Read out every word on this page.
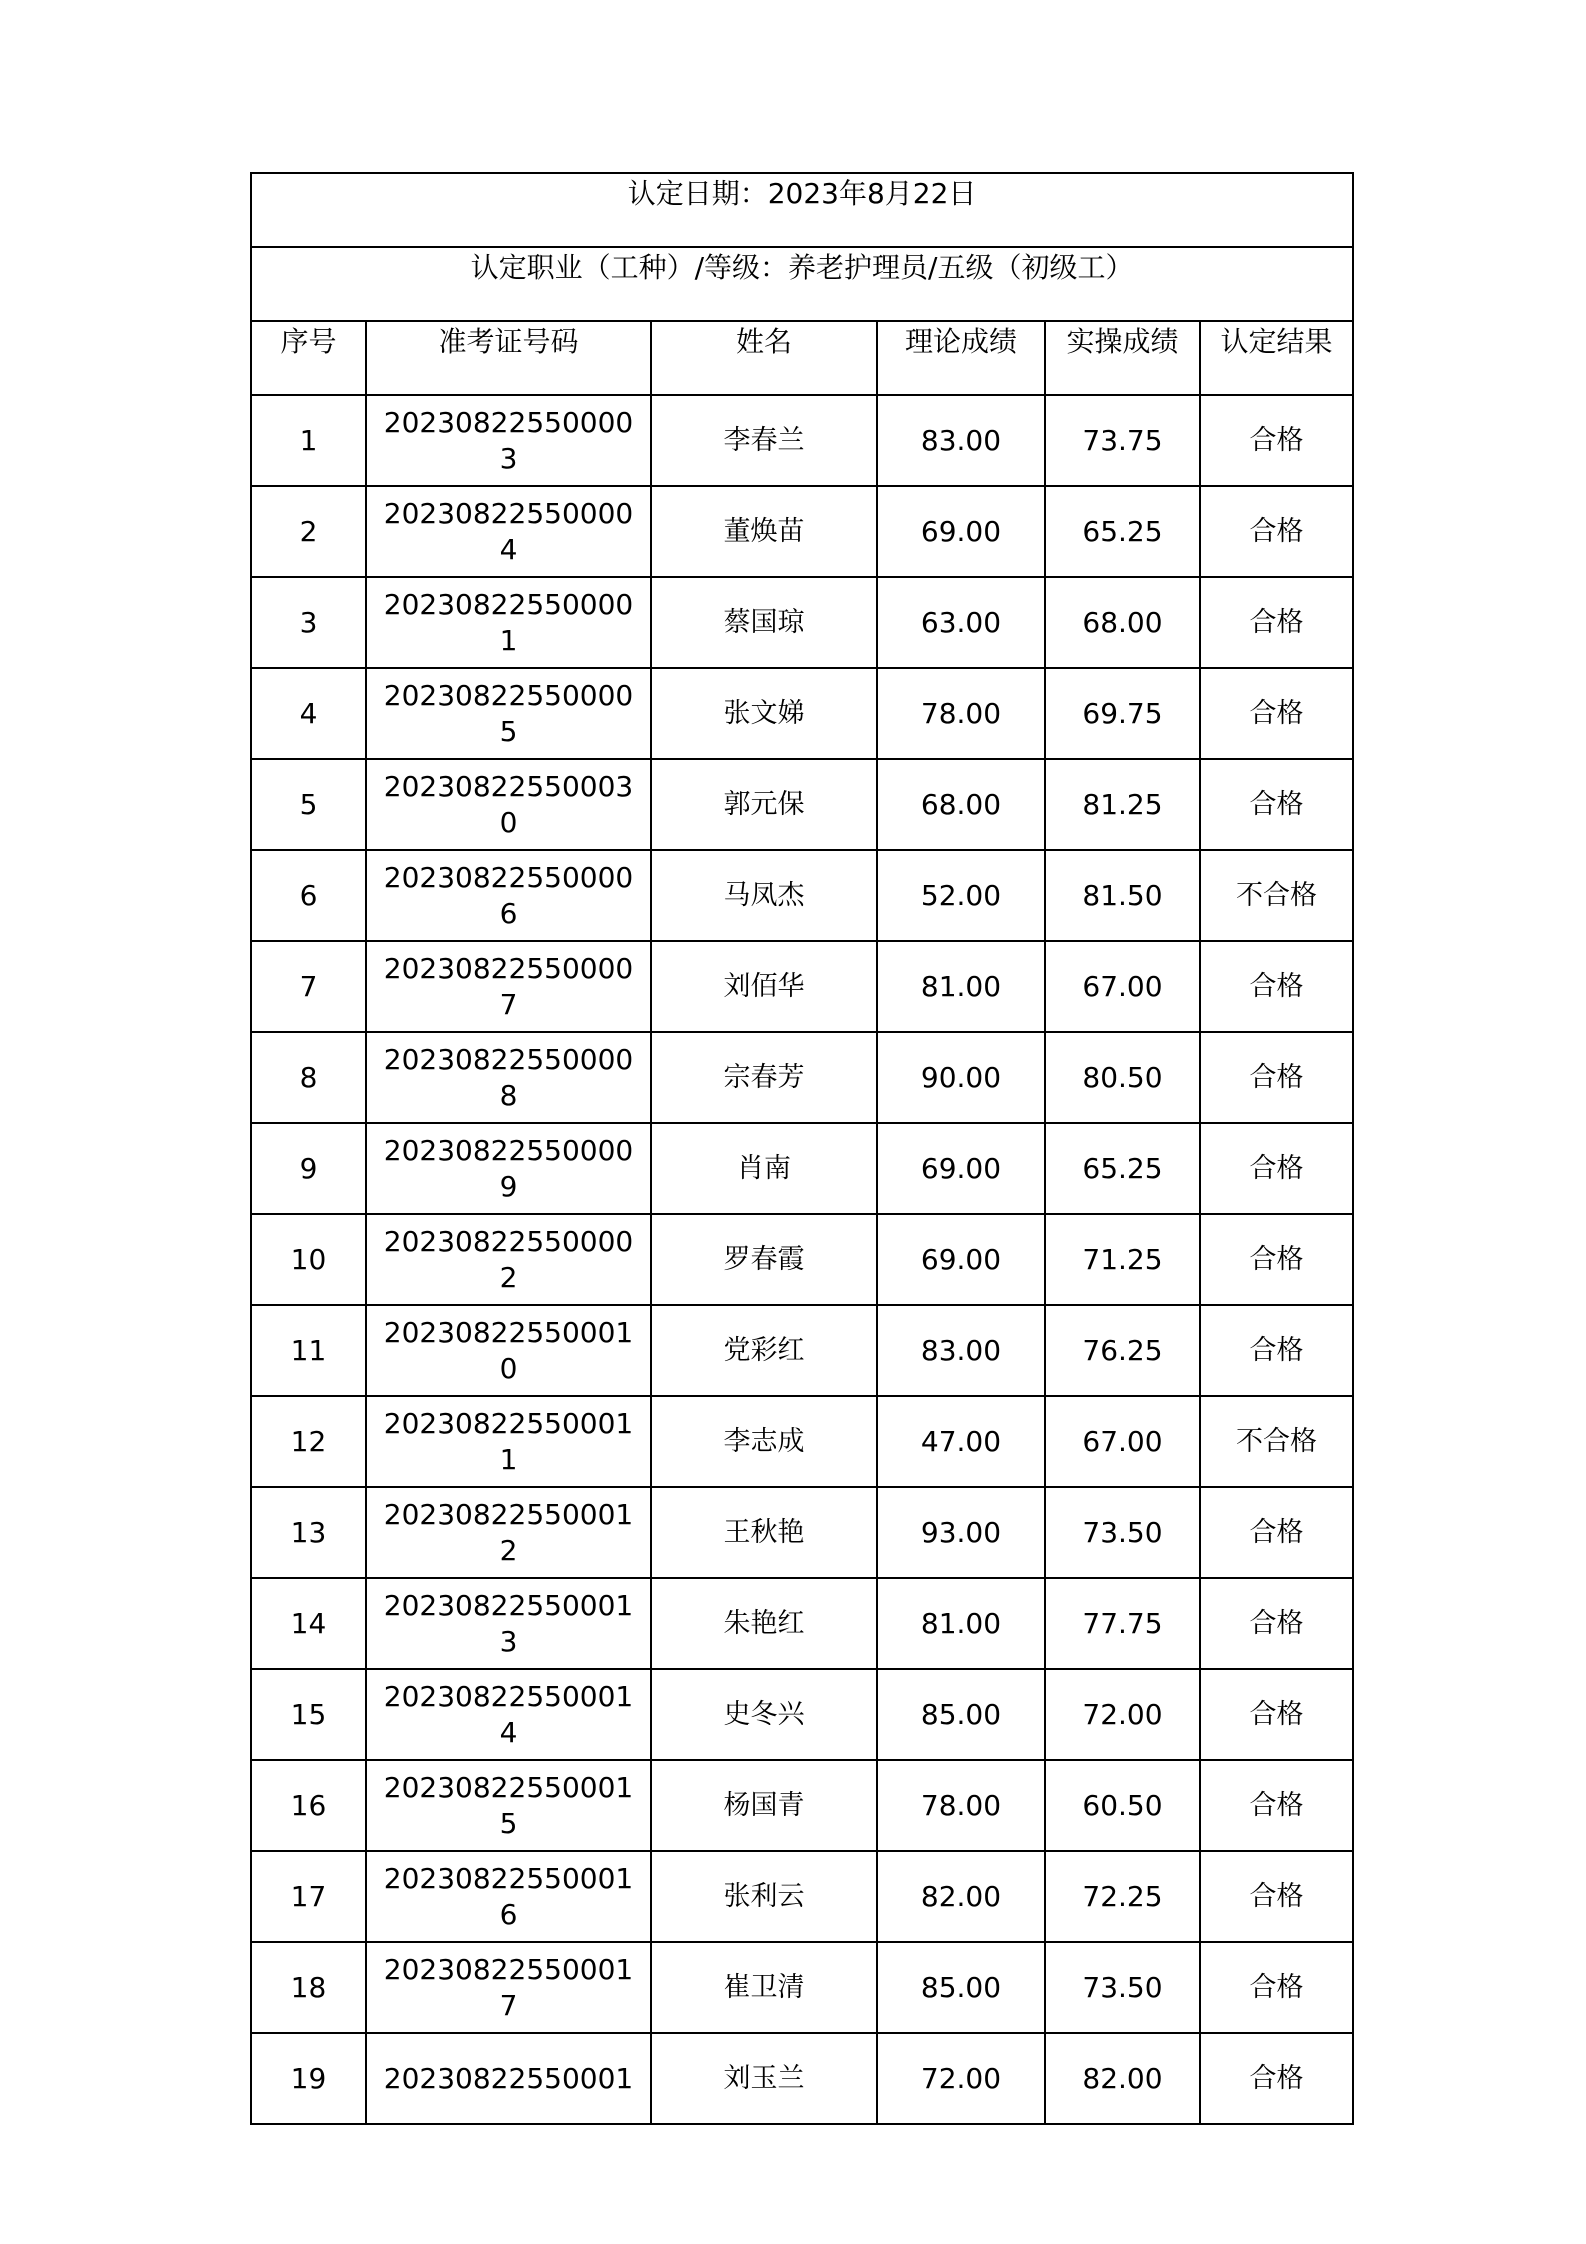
认定日期：2023年8月22日					
认定职业（工种）/等级：养老护理员/五级（初级工）					
序号	准考证号码	姓名	理论成绩	实操成绩	认定结果
1	202308225500003	李春兰	83.00	73.75	合格
2	202308225500004	董焕苗	69.00	65.25	合格
3	202308225500001	蔡国琼	63.00	68.00	合格
4	202308225500005	张文娣	78.00	69.75	合格
5	202308225500030	郭元保	68.00	81.25	合格
6	202308225500006	马凤杰	52.00	81.50	不合格
7	202308225500007	刘佰华	81.00	67.00	合格
8	202308225500008	宗春芳	90.00	80.50	合格
9	202308225500009	肖南	69.00	65.25	合格
10	202308225500002	罗春霞	69.00	71.25	合格
11	202308225500010	党彩红	83.00	76.25	合格
12	202308225500011	李志成	47.00	67.00	不合格
13	202308225500012	王秋艳	93.00	73.50	合格
14	202308225500013	朱艳红	81.00	77.75	合格
15	202308225500014	史冬兴	85.00	72.00	合格
16	202308225500015	杨国青	78.00	60.50	合格
17	202308225500016	张利云	82.00	72.25	合格
18	202308225500017	崔卫清	85.00	73.50	合格
19	20230822550001	刘玉兰	72.00	82.00	合格
